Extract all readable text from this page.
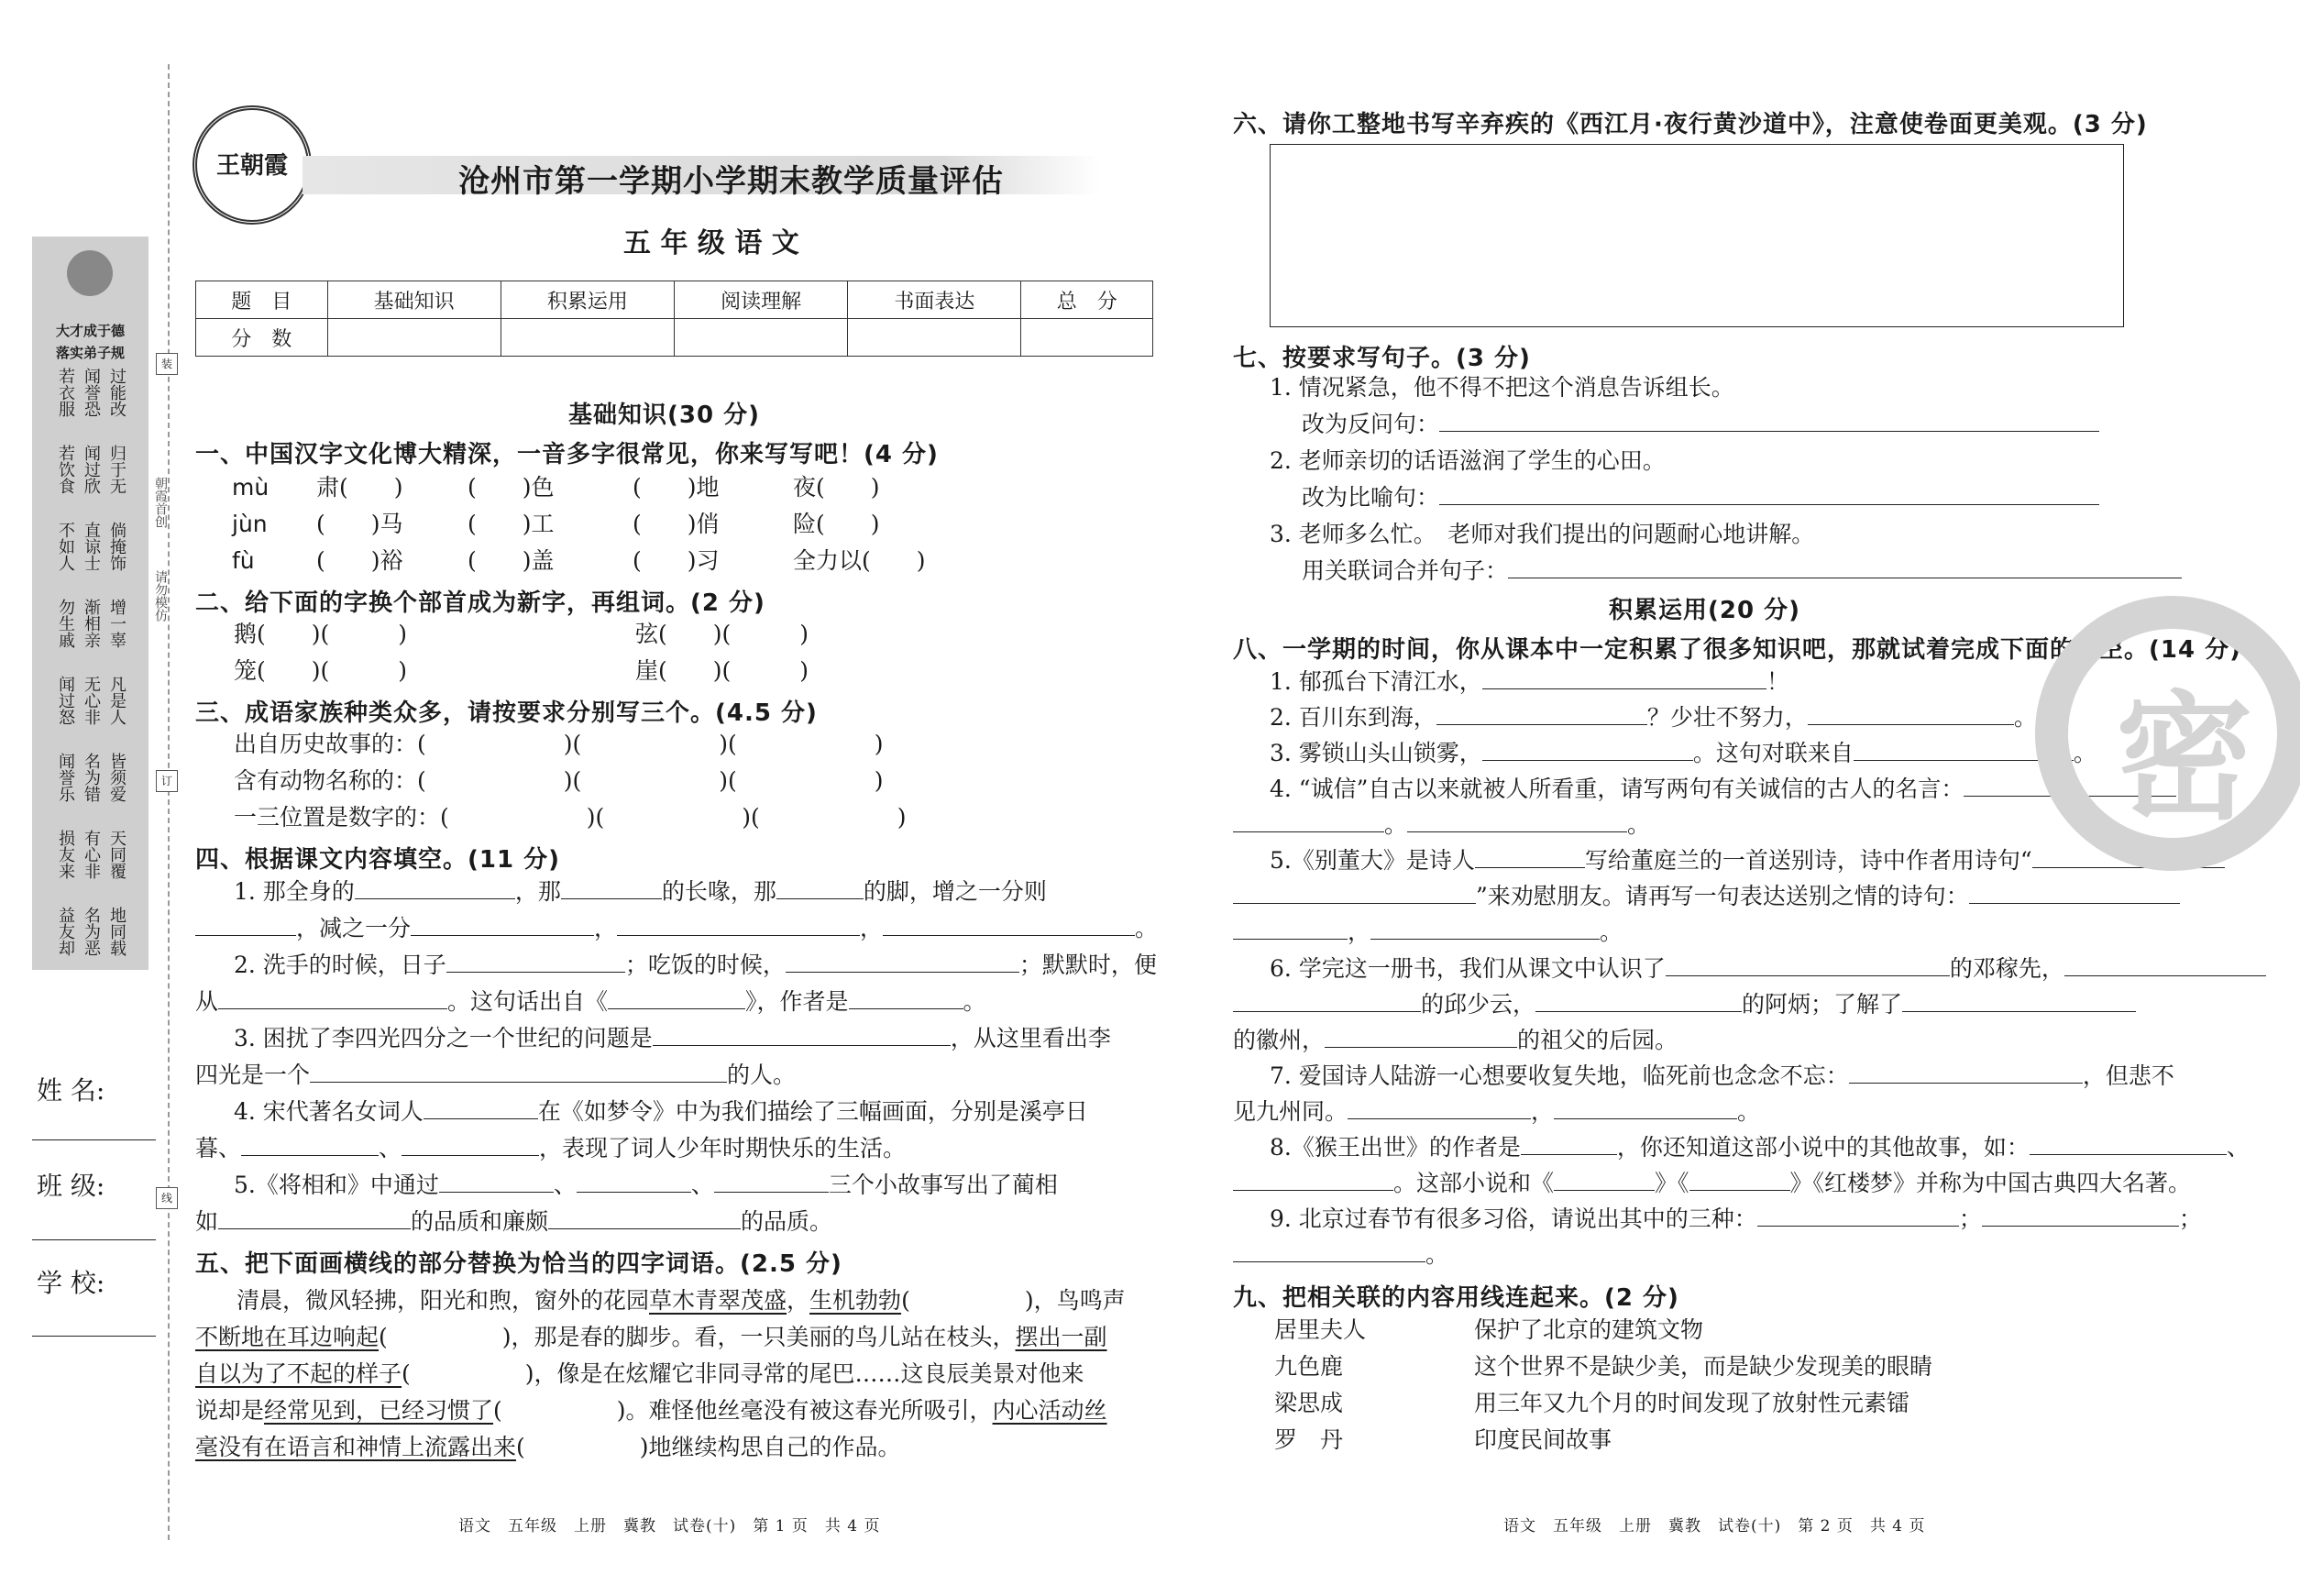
王朝霞	沧州市第一学期小学期末教学质量评估
五 年 级 语 文
题　目	基础知识	积累运用	阅读理解	书面表达	总　分
分　数					
大才成于德
落实弟子规
过能改
闻誉恐
若衣服
归于无
闻过欣
若饮食
倘掩饰
直谅士
不如人
增一辜
渐相亲
勿生戚
凡是人
无心非
闻过怒
皆须爱
名为错
闻誉乐
天同覆
有心非
损友来
地同载
名为恶
益友却
朝霞首创
请勿模仿
装
订
线
姓 名:
班 级:
学 校:
基础知识(30 分)
一、中国汉字文化博大精深，一音多字很常见，你来写写吧！(4 分)
mù 肃(　　)	(　　)色	(　　)地	夜(　　)
jùn (　　)马	(　　)工	(　　)俏	险(　　)
fù	(　　)裕	(　　)盖	(　　)习	全力以(　　)
二、给下面的字换个部首成为新字，再组词。(2 分)
鹅(　　)(　　　)	弦(　　)(　　　)
笼(　　)(　　　)	崖(　　)(　　　)
三、成语家族种类众多，请按要求分别写三个。(4.5 分)
出自历史故事的：(　　　　　　)(　　　　　　)(　　　　　　)
含有动物名称的：(　　　　　　)(　　　　　　)(　　　　　　)
一三位置是数字的：(　　　　　　)(　　　　　　)(　　　　　　)
四、根据课文内容填空。(11 分)
1. 那全身的	，那	的长喙，那	的脚，增之一分则
，减之一分	，	，	。
2. 洗手的时候，日子	；吃饭的时候，	；默默时，便
从	。这句话出自《	》，作者是	。
3. 困扰了李四光四分之一个世纪的问题是	，从这里看出李
四光是一个	的人。
4. 宋代著名女词人	在《如梦令》中为我们描绘了三幅画面，分别是溪亭日
暮、	、	，表现了词人少年时期快乐的生活。
5.《将相和》中通过	、	、	三个小故事写出了蔺相
如	的品质和廉颇	的品质。
五、把下面画横线的部分替换为恰当的四字词语。(2.5 分)
清晨，微风轻拂，阳光和煦，窗外的花园草木青翠茂盛，生机勃勃(　　　　　)，鸟鸣声
不断地在耳边响起(　　　　　)，那是春的脚步。看，一只美丽的鸟儿站在枝头，摆出一副
自以为了不起的样子(　　　　　)，像是在炫耀它非同寻常的尾巴……这良辰美景对他来
说却是经常见到，已经习惯了(　　　　　)。难怪他丝毫没有被这春光所吸引，内心活动丝
毫没有在语言和神情上流露出来(　　　　　)地继续构思自己的作品。
语文　五年级　上册　冀教　试卷(十)　第 1 页　共 4 页
六、请你工整地书写辛弃疾的《西江月·夜行黄沙道中》，注意使卷面更美观。(3 分)
七、按要求写句子。(3 分)
1. 情况紧急，他不得不把这个消息告诉组长。
改为反问句：
2. 老师亲切的话语滋润了学生的心田。
改为比喻句：
3. 老师多么忙。　老师对我们提出的问题耐心地讲解。
用关联词合并句子：
积累运用(20 分)
八、一学期的时间，你从课本中一定积累了很多知识吧，那就试着完成下面的填空。(14 分)
1. 郁孤台下清江水，	！
2. 百川东到海，	？少壮不努力，	。
3. 雾锁山头山锁雾，	。这句对联来自	。
4. “诚信”自古以来就被人所看重，请写两句有关诚信的古人的名言：
。	。
5.《别董大》是诗人	写给董庭兰的一首送别诗，诗中作者用诗句“
”来劝慰朋友。请再写一句表达送别之情的诗句：
，	。
6. 学完这一册书，我们从课文中认识了	的邓稼先，
的邱少云，	的阿炳；了解了
的徽州，	的祖父的后园。
7. 爱国诗人陆游一心想要收复失地，临死前也念念不忘：	，但悲不
见九州同。	，	。
8.《猴王出世》的作者是	，你还知道这部小说中的其他故事，如：	、
。这部小说和《	》《	》《红楼梦》并称为中国古典四大名著。
9. 北京过春节有很多习俗，请说出其中的三种：	；	；
。
九、把相关联的内容用线连起来。(2 分)
居里夫人	保护了北京的建筑文物
九色鹿	这个世界不是缺少美，而是缺少发现美的眼睛
梁思成	用三年又九个月的时间发现了放射性元素镭
罗　丹	印度民间故事
密
语文　五年级　上册　冀教　试卷(十)　第 2 页　共 4 页
